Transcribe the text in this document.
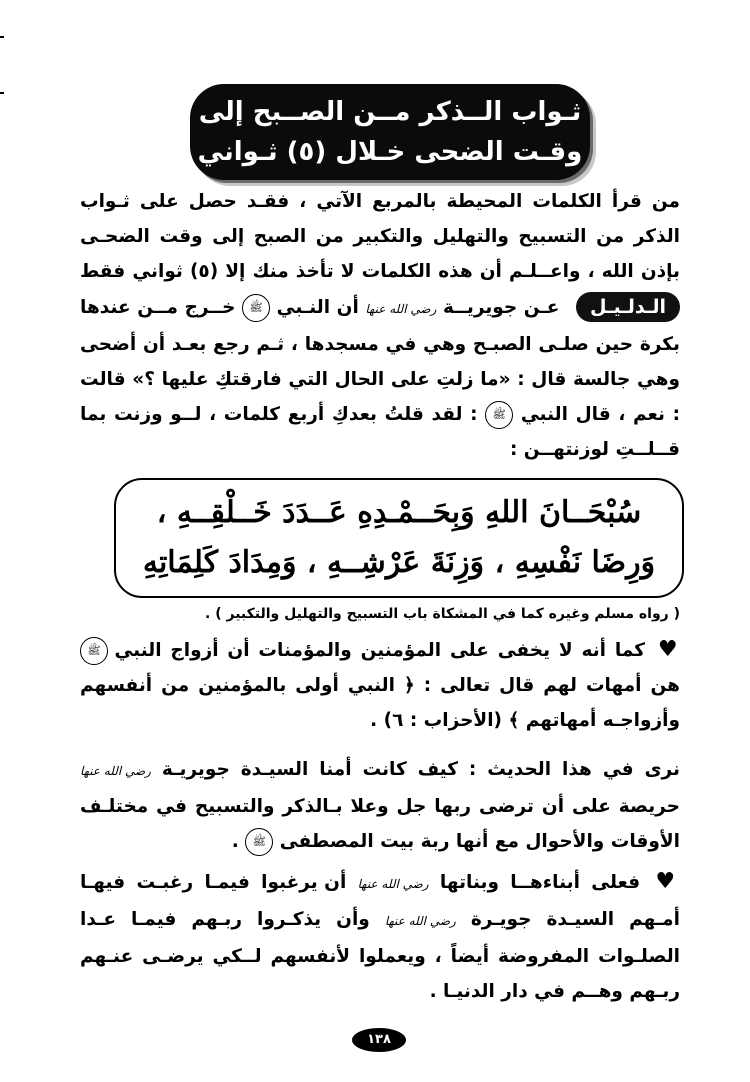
ثـواب الــذكر مــن الصــبح إلى
وقـت الضحى خـلال (٥) ثـواني
من قرأ الكلمات المحيطة بالمربع الآتي ، فقـد حصل على ثـواب الذكر من التسبيح والتهليل والتكبير من الصبح إلى وقت الضحـى بإذن الله ، واعــلـم أن هذه الكلمات لا تأخذ منك إلا (٥) ثواني فقط
الـدلـيـل عـن جويريــة رضي الله عنها أن النـبي ﷺ خــرج مــن عندها بكرة حين صلـى الصبـح وهي في مسجدها ، ثـم رجع بعـد أن أضحى وهي جالسة قال : «ما زلتِ على الحال التي فارقتكِ عليها ؟» قالت : نعم ، قال النبي ﷺ : لقد قلتُ بعدكِ أربع كلمات ، لــو وزنت بما قــلــتِ لوزنتهــن :
سُبْحَــانَ اللهِ وَبِحَــمْـدِهِ عَــدَدَ خَــلْقِــهِ ،
وَرِضَا نَفْسِهِ ، وَزِنَةَ عَرْشِــهِ ، وَمِدَادَ كَلِمَاتِهِ
( رواه مسلم وغيره كما في المشكاة باب التسبيح والتهليل والتكبير ) .
♥ كما أنه لا يخفى على المؤمنين والمؤمنات أن أزواج النبي ﷺ هن أمهات لهم قال تعالى : ﴿ النبي أولى بالمؤمنين من أنفسهم وأزواجـه أمهاتهم ﴾ (الأحزاب : ٦) .
نرى في هذا الحديث : كيف كانت أمنا السيـدة جويريـة رضي الله عنها حريصة على أن ترضى ربها جل وعلا بـالذكر والتسبيح في مختلـف الأوقات والأحوال مع أنها ربة بيت المصطفى ﷺ .
♥ فعلى أبناءهــا وبناتها رضي الله عنها أن يرغبوا فيمـا رغبـت فيهـا أمـهم السيـدة جويـرة رضي الله عنها وأن يذكـروا ربـهم فيمـا عـدا الصلـوات المفروضة أيضاً ، ويعملوا لأنفسهم لــكي يرضـى عنـهم ربـهم وهــم في دار الدنيـا .
١٣٨
